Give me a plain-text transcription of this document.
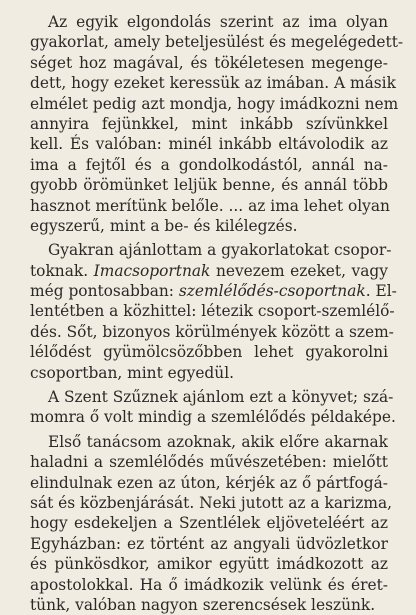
Az egyik elgondolás szerint az ima olyan
gyakorlat, amely beteljesülést és megelégedett-
séget hoz magával, és tökéletesen megenge-
dett, hogy ezeket keressük az imában. A másik
elmélet pedig azt mondja, hogy imádkozni nem
annyira fejünkkel, mint inkább szívünkkel
kell. És valóban: minél inkább eltávolodik az
ima a fejtől és a gondolkodástól, annál na-
gyobb örömünket leljük benne, és annál több
hasznot merítünk belőle. ... az ima lehet olyan
egyszerű, mint a be- és kilélegzés.
Gyakran ajánlottam a gyakorlatokat csopor-
toknak. Imacsoportnak nevezem ezeket, vagy
még pontosabban: szemlélődés-csoportnak. El-
lentétben a közhittel: létezik csoport-szemlélő-
dés. Sőt, bizonyos körülmények között a szem-
lélődést gyümölcsözőbben lehet gyakorolni
csoportban, mint egyedül.
A Szent Szűznek ajánlom ezt a könyvet; szá-
momra ő volt mindig a szemlélődés példaképe.
Első tanácsom azoknak, akik előre akarnak
haladni a szemlélődés művészetében: mielőtt
elindulnak ezen az úton, kérjék az ő pártfogá-
sát és közbenjárását. Neki jutott az a karizma,
hogy esdekeljen a Szentlélek eljöveteléért az
Egyházban: ez történt az angyali üdvözletkor
és pünkösdkor, amikor együtt imádkozott az
apostolokkal. Ha ő imádkozik velünk és éret-
tünk, valóban nagyon szerencsések leszünk.
